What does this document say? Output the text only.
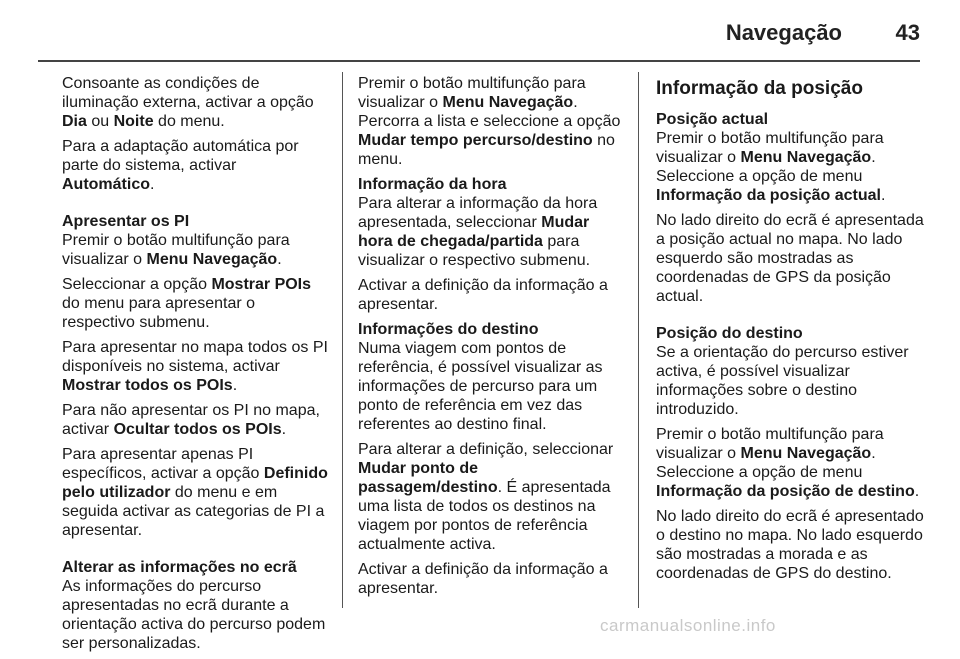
Navegação 43

Consoante as condições de iluminação externa, activar a opção Dia ou Noite do menu.

Para a adaptação automática por parte do sistema, activar Automático.

Apresentar os PI

Premir o botão multifunção para visualizar o Menu Navegação.

Seleccionar a opção Mostrar POIs do menu para apresentar o respectivo submenu.

Para apresentar no mapa todos os PI disponíveis no sistema, activar Mostrar todos os POIs.

Para não apresentar os PI no mapa, activar Ocultar todos os POIs.

Para apresentar apenas PI específicos, activar a opção Definido pelo utilizador do menu e em seguida activar as categorias de PI a apresentar.

Alterar as informações no ecrã

As informações do percurso apresentadas no ecrã durante a orientação activa do percurso podem ser personalizadas.

Premir o botão multifunção para visualizar o Menu Navegação.

Percorra a lista e seleccione a opção Mudar tempo percurso/destino no menu.

Informação da hora

Para alterar a informação da hora apresentada, seleccionar Mudar hora de chegada/partida para visualizar o respectivo submenu.

Activar a definição da informação a apresentar.

Informações do destino

Numa viagem com pontos de referência, é possível visualizar as informações de percurso para um ponto de referência em vez das referentes ao destino final.

Para alterar a definição, seleccionar Mudar ponto de passagem/destino. É apresentada uma lista de todos os destinos na viagem por pontos de referência actualmente activa.

Activar a definição da informação a apresentar.

Informação da posição
Posição actual

Premir o botão multifunção para visualizar o Menu Navegação.

Seleccione a opção de menu Informação da posição actual.

No lado direito do ecrã é apresentada a posição actual no mapa. No lado esquerdo são mostradas as coordenadas de GPS da posição actual.

Posição do destino

Se a orientação do percurso estiver activa, é possível visualizar informações sobre o destino introduzido.

Premir o botão multifunção para visualizar o Menu Navegação.

Seleccione a opção de menu Informação da posição de destino.

No lado direito do ecrã é apresentado o destino no mapa. No lado esquerdo são mostradas a morada e as coordenadas de GPS do destino.

carmanualsonline.info
